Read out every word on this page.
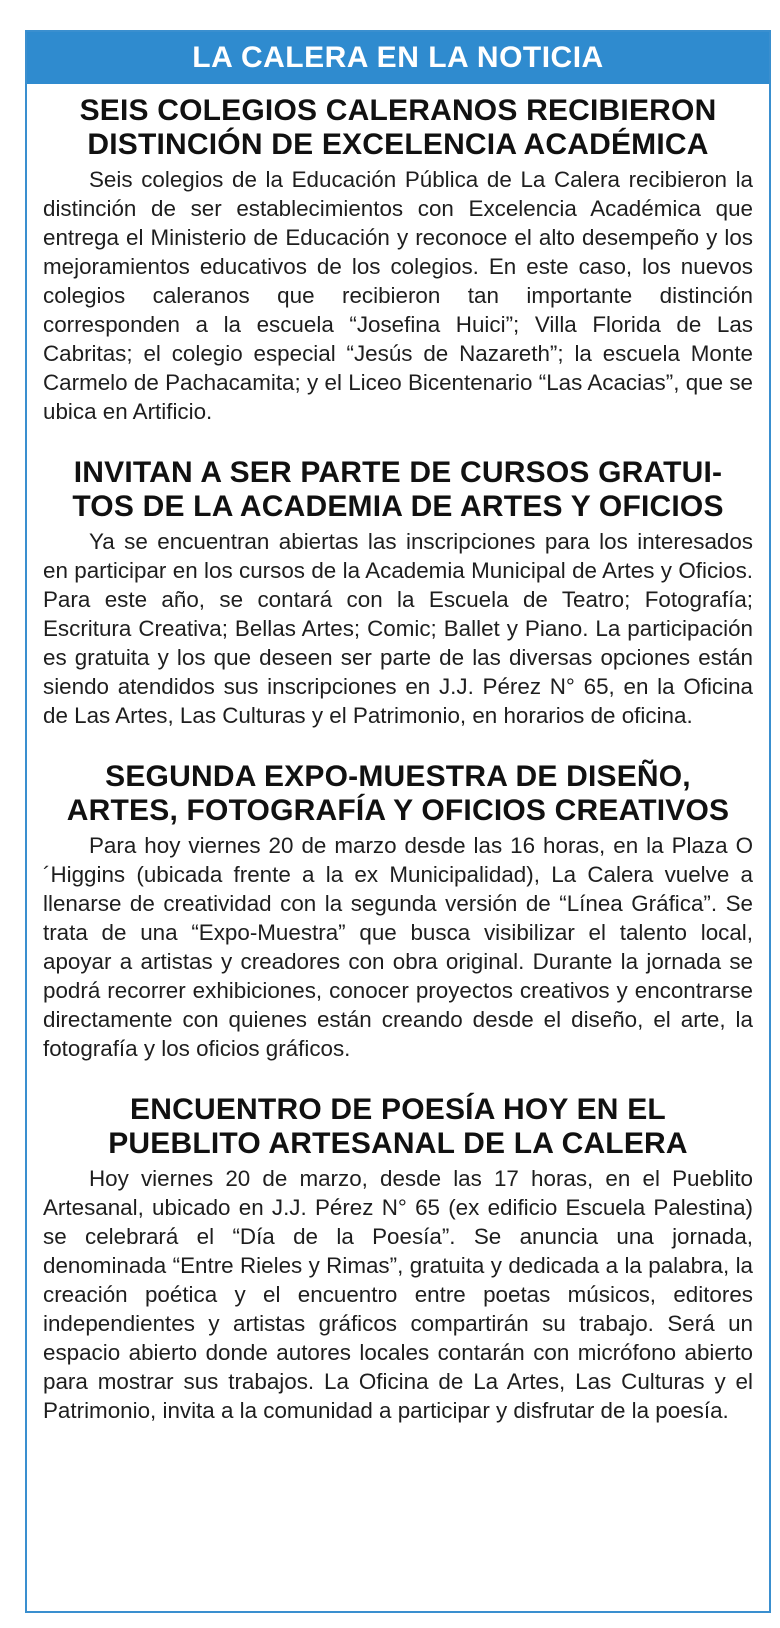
LA CALERA EN LA NOTICIA
SEIS COLEGIOS CALERANOS RECIBIERON
DISTINCIÓN DE EXCELENCIA ACADÉMICA

Seis colegios de la Educación Pública de La Calera recibieron la distinción de ser establecimientos con Excelencia Académica que entrega el Ministerio de Educación y reconoce el alto desempeño y los mejoramientos educativos de los colegios. En este caso, los nuevos colegios caleranos que recibieron tan importante distinción corresponden a la escuela “Josefina Huici”; Villa Florida de Las Cabritas; el colegio especial “Jesús de Nazareth”; la escuela Monte Carmelo de Pachacamita; y el Liceo Bicentenario “Las Acacias”, que se ubica en Artificio.

INVITAN A SER PARTE DE CURSOS GRATUI-
TOS DE LA ACADEMIA DE ARTES Y OFICIOS

Ya se encuentran abiertas las inscripciones para los interesados en participar en los cursos de la Academia Municipal de Artes y Oficios. Para este año, se contará con la Escuela de Teatro; Fotografía; Escritura Creativa; Bellas Artes; Comic; Ballet y Piano. La participación es gratuita y los que deseen ser parte de las diversas opciones están siendo atendidos sus inscripciones en J.J. Pérez N° 65, en la Oficina de Las Artes, Las Culturas y el Patrimonio, en horarios de oficina.

SEGUNDA EXPO-MUESTRA DE DISEÑO,
ARTES, FOTOGRAFÍA Y OFICIOS CREATIVOS

Para hoy viernes 20 de marzo desde las 16 horas, en la Plaza O´Higgins (ubicada frente a la ex Municipalidad), La Calera vuelve a llenarse de creatividad con la segunda versión de “Línea Gráfica”. Se trata de una “Expo-Muestra” que busca visibilizar el talento local, apoyar a artistas y creadores con obra original. Durante la jornada se podrá recorrer exhibiciones, conocer proyectos creativos y encontrarse directamente con quienes están creando desde el diseño, el arte, la fotografía y los oficios gráficos.

ENCUENTRO DE POESÍA HOY EN EL
PUEBLITO ARTESANAL DE LA CALERA

Hoy viernes 20 de marzo, desde las 17 horas, en el Pueblito Artesanal, ubicado en J.J. Pérez N° 65 (ex edificio Escuela Palestina) se celebrará el “Día de la Poesía”. Se anuncia una jornada, denominada “Entre Rieles y Rimas”, gratuita y dedicada a la palabra, la creación poética y el encuentro entre poetas músicos, editores independientes y artistas gráficos compartirán su trabajo. Será un espacio abierto donde autores locales contarán con micrófono abierto para mostrar sus trabajos. La Oficina de La Artes, Las Culturas y el Patrimonio, invita a la comunidad a participar y disfrutar de la poesía.
